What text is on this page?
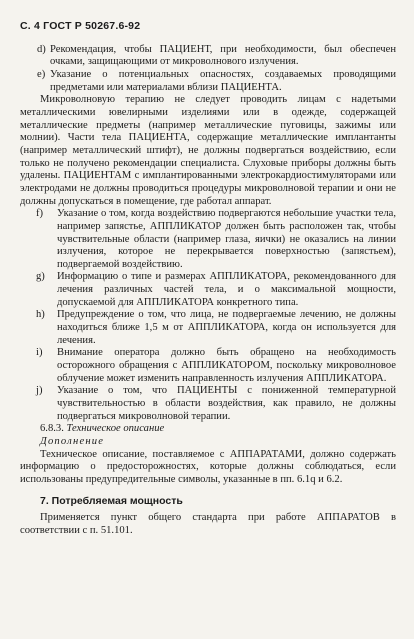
С. 4 ГОСТ Р 50267.6-92
d) Рекомендация, чтобы ПАЦИЕНТ, при необходимости, был обеспечен очками, защищающими от микроволнового излучения.
e) Указание о потенциальных опасностях, создаваемых проводящими предметами или материалами вблизи ПАЦИЕНТА.

Микроволновую терапию не следует проводить лицам с надетыми металлическими ювелирными изделиями или в одежде, содержащей металлические предметы (например металлические пуговицы, зажимы или молнии). Части тела ПАЦИЕНТА, содержащие металлические имплантанты (например металлический штифт), не должны подвергаться воздействию, если только не получено рекомендации специалиста. Слуховые приборы должны быть удалены. ПАЦИЕНТАМ с имплантированными электрокардиостимуляторами или электродами не должны проводиться процедуры микроволновой терапии и они не должны допускаться в помещение, где работал аппарат.

f)	Указание о том, когда воздействию подвергаются небольшие участки тела, например запястье, АППЛИКАТОР должен быть расположен так, чтобы чувствительные области (например глаза, яички) не оказались на линии излучения, которое не перекрывается поверхностью (запястьем), подвергаемой воздействию.
g)	Информацию о типе и размерах АППЛИКАТОРА, рекомендованного для лечения различных частей тела, и о максимальной мощности, допускаемой для АППЛИКАТОРА конкретного типа.
h)	Предупреждение о том, что лица, не подвергаемые лечению, не должны находиться ближе 1,5 м от АППЛИКАТОРА, когда он используется для лечения.
i)	Внимание оператора должно быть обращено на необходимость осторожного обращения с АППЛИКАТОРОМ, поскольку микроволновое облучение может изменить направленность излучения АППЛИКАТОРА.
j)	Указание о том, что ПАЦИЕНТЫ с пониженной температурной чувствительностью в области воздействия, как правило, не должны подвергаться микроволновой терапии.
6.8.3. Техническое описание
Дополнение

Техническое описание, поставляемое с АППАРАТАМИ, должно содержать информацию о предосторожностях, которые должны соблюдаться, если использованы предупредительные символы, указанные в пп. 6.1q и 6.2.

7. Потребляемая мощность

Применяется пункт общего стандарта при работе АППАРАТОВ в соответствии с п. 51.101.
